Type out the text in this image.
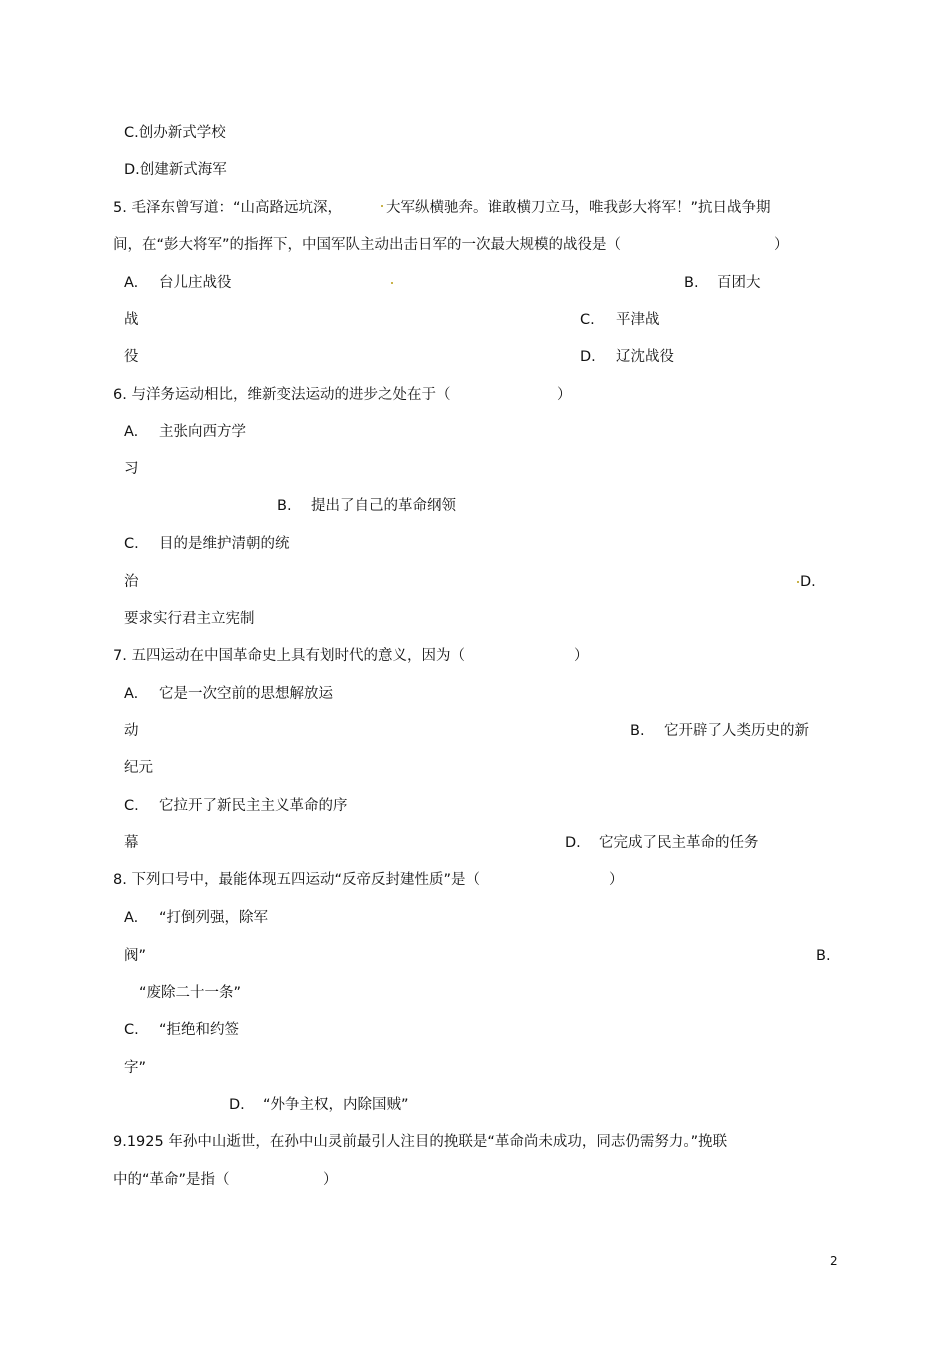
C.创办新式学校
D.创建新式海军
5. 毛泽东曾写道：“山高路远坑深，	大军纵横驰奔。谁敢横刀立马，唯我彭大将军！”抗日战争期
间，在“彭大将军”的指挥下，中国军队主动出击日军的一次最大规模的战役是（	）
A. 台儿庄战役	B. 百团大
战	C. 平津战
役	D. 辽沈战役
6. 与洋务运动相比，维新变法运动的进步之处在于（	）
A. 主张向西方学
习
B. 提出了自己的革命纲领
C. 目的是维护清朝的统
治	D.
要求实行君主立宪制
7. 五四运动在中国革命史上具有划时代的意义，因为（	）
A. 它是一次空前的思想解放运
动	B. 它开辟了人类历史的新
纪元
C. 它拉开了新民主主义革命的序
幕	D. 它完成了民主革命的任务
8. 下列口号中，最能体现五四运动“反帝反封建性质”是（	）
A. “打倒列强，除军
阀”	B.
“废除二十一条”
C. “拒绝和约签
字”
D. “外争主权，内除国贼”
9.1925 年孙中山逝世，在孙中山灵前最引人注目的挽联是“革命尚未成功，同志仍需努力。”挽联
中的“革命”是指（	）
2
